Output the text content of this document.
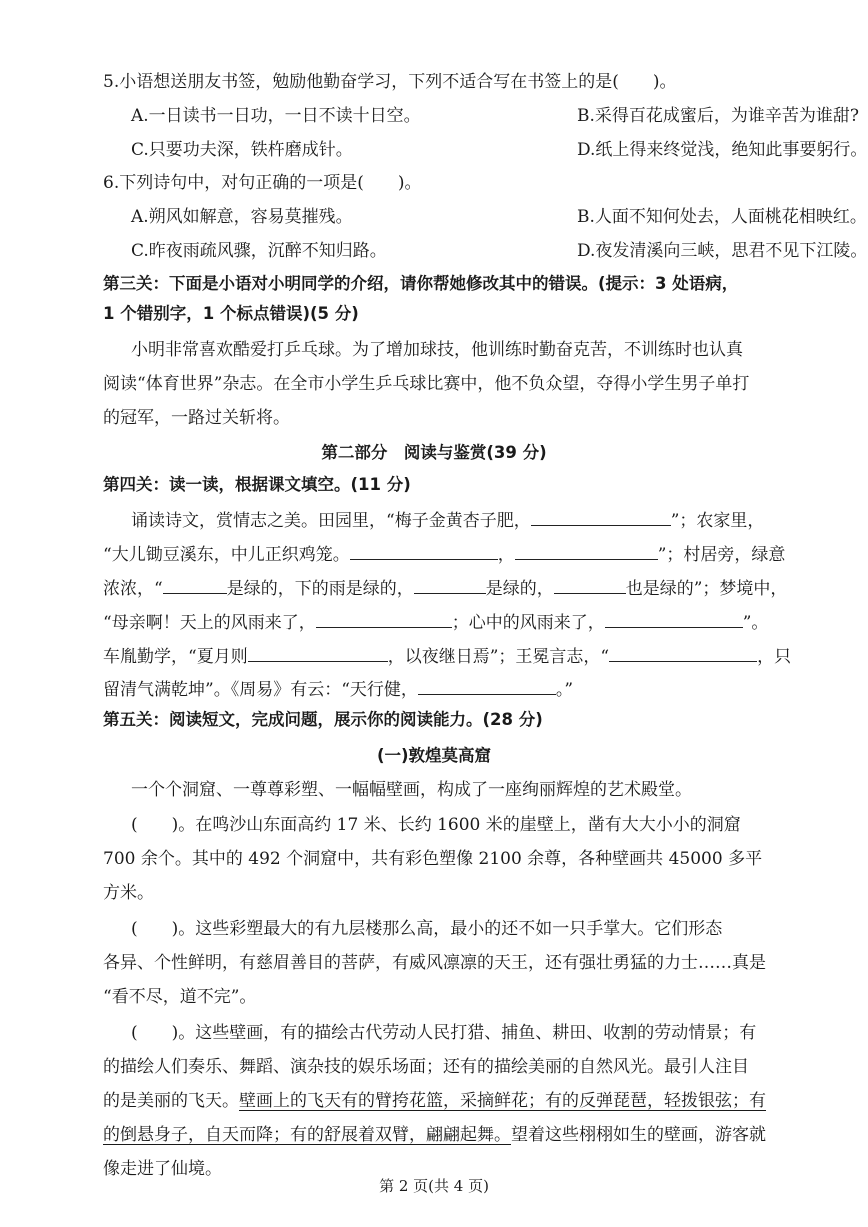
5.小语想送朋友书签，勉励他勤奋学习，下列不适合写在书签上的是(　　)。
A.一日读书一日功，一日不读十日空。	B.采得百花成蜜后，为谁辛苦为谁甜?
C.只要功夫深，铁杵磨成针。	D.纸上得来终觉浅，绝知此事要躬行。
6.下列诗句中，对句正确的一项是(　　)。
A.朔风如解意，容易莫摧残。	B.人面不知何处去，人面桃花相映红。
C.昨夜雨疏风骤，沉醉不知归路。	D.夜发清溪向三峡，思君不见下江陵。
第三关：下面是小语对小明同学的介绍，请你帮她修改其中的错误。(提示：3 处语病，
1 个错别字，1 个标点错误)(5 分)
小明非常喜欢酷爱打乒乓球。为了增加球技，他训练时勤奋克苦，不训练时也认真
阅读“体育世界”杂志。在全市小学生乒乓球比赛中，他不负众望，夺得小学生男子单打
的冠军，一路过关斩将。
第二部分　阅读与鉴赏(39 分)
第四关：读一读，根据课文填空。(11 分)
诵读诗文，赏情志之美。田园里，“梅子金黄杏子肥，	”；农家里，
“大儿锄豆溪东，中儿正织鸡笼。	，	”；村居旁，绿意
浓浓，“	是绿的，下的雨是绿的，	是绿的，	也是绿的”；梦境中，
“母亲啊！天上的风雨来了，	；心中的风雨来了，	”。
车胤勤学，“夏月则	，以夜继日焉”；王冕言志，“	，只
留清气满乾坤”。《周易》有云：“天行健，	。”
第五关：阅读短文，完成问题，展示你的阅读能力。(28 分)
(一)敦煌莫高窟
一个个洞窟、一尊尊彩塑、一幅幅壁画，构成了一座绚丽辉煌的艺术殿堂。
(　　)。在鸣沙山东面高约 17 米、长约 1600 米的崖壁上，凿有大大小小的洞窟
700 余个。其中的 492 个洞窟中，共有彩色塑像 2100 余尊，各种壁画共 45000 多平
方米。
(　　)。这些彩塑最大的有九层楼那么高，最小的还不如一只手掌大。它们形态
各异、个性鲜明，有慈眉善目的菩萨，有威风凛凛的天王，还有强壮勇猛的力士……真是
“看不尽，道不完”。
(　　)。这些壁画，有的描绘古代劳动人民打猎、捕鱼、耕田、收割的劳动情景；有
的描绘人们奏乐、舞蹈、演杂技的娱乐场面；还有的描绘美丽的自然风光。最引人注目
的是美丽的飞天。壁画上的飞天有的臂挎花篮，采摘鲜花；有的反弹琵琶，轻拨银弦；有
的倒悬身子，自天而降；有的舒展着双臂，翩翩起舞。望着这些栩栩如生的壁画，游客就
像走进了仙境。
第 2 页(共 4 页)
